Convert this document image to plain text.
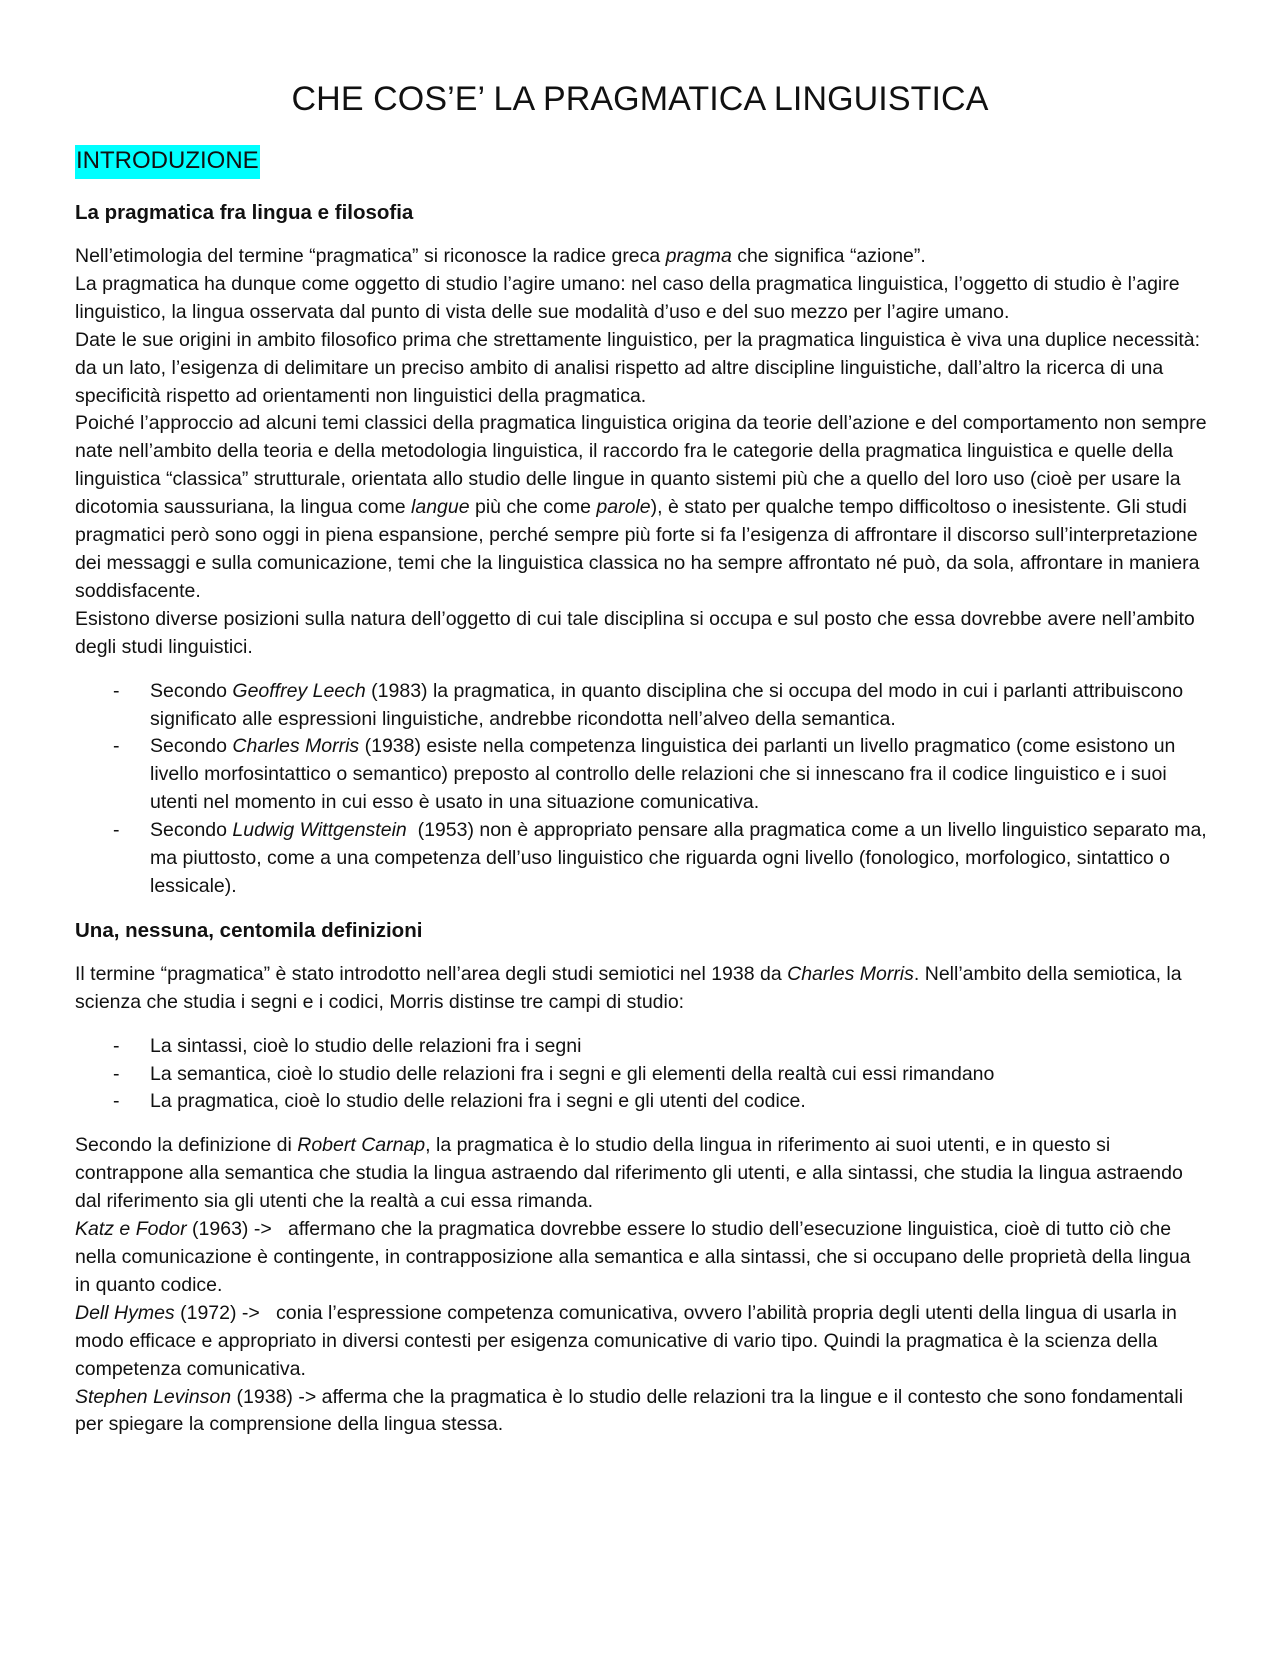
CHE COS’E’ LA PRAGMATICA LINGUISTICA
INTRODUZIONE
La pragmatica fra lingua e filosofia

Nell’etimologia del termine “pragmatica” si riconosce la radice greca pragma che significa “azione”.

La pragmatica ha dunque come oggetto di studio l’agire umano: nel caso della pragmatica linguistica, l’oggetto di studio è l’agire linguistico, la lingua osservata dal punto di vista delle sue modalità d’uso e del suo mezzo per l’agire umano.

Date le sue origini in ambito filosofico prima che strettamente linguistico, per la pragmatica linguistica è viva una duplice necessità: da un lato, l’esigenza di delimitare un preciso ambito di analisi rispetto ad altre discipline linguistiche, dall’altro la ricerca di una specificità rispetto ad orientamenti non linguistici della pragmatica.

Poiché l’approccio ad alcuni temi classici della pragmatica linguistica origina da teorie dell’azione e del comportamento non sempre nate nell’ambito della teoria e della metodologia linguistica, il raccordo fra le categorie della pragmatica linguistica e quelle della linguistica “classica” strutturale, orientata allo studio delle lingue in quanto sistemi più che a quello del loro uso (cioè per usare la dicotomia saussuriana, la lingua come langue più che come parole), è stato per qualche tempo difficoltoso o inesistente. Gli studi pragmatici però sono oggi in piena espansione, perché sempre più forte si fa l’esigenza di affrontare il discorso sull’interpretazione dei messaggi e sulla comunicazione, temi che la linguistica classica no ha sempre affrontato né può, da sola, affrontare in maniera soddisfacente.

Esistono diverse posizioni sulla natura dell’oggetto di cui tale disciplina si occupa e sul posto che essa dovrebbe avere nell’ambito degli studi linguistici.

- Secondo Geoffrey Leech (1983) la pragmatica, in quanto disciplina che si occupa del modo in cui i parlanti attribuiscono significato alle espressioni linguistiche, andrebbe ricondotta nell’alveo della semantica.
- Secondo Charles Morris (1938) esiste nella competenza linguistica dei parlanti un livello pragmatico (come esistono un livello morfosintattico o semantico) preposto al controllo delle relazioni che si innescano fra il codice linguistico e i suoi utenti nel momento in cui esso è usato in una situazione comunicativa.
- Secondo Ludwig Wittgenstein  (1953) non è appropriato pensare alla pragmatica come a un livello linguistico separato ma, ma piuttosto, come a una competenza dell’uso linguistico che riguarda ogni livello (fonologico, morfologico, sintattico o lessicale).
Una, nessuna, centomila definizioni

Il termine “pragmatica” è stato introdotto nell’area degli studi semiotici nel 1938 da Charles Morris. Nell’ambito della semiotica, la scienza che studia i segni e i codici, Morris distinse tre campi di studio:

- La sintassi, cioè lo studio delle relazioni fra i segni
- La semantica, cioè lo studio delle relazioni fra i segni e gli elementi della realtà cui essi rimandano
- La pragmatica, cioè lo studio delle relazioni fra i segni e gli utenti del codice.

Secondo la definizione di Robert Carnap, la pragmatica è lo studio della lingua in riferimento ai suoi utenti, e in questo si contrappone alla semantica che studia la lingua astraendo dal riferimento gli utenti, e alla sintassi, che studia la lingua astraendo dal riferimento sia gli utenti che la realtà a cui essa rimanda.

Katz e Fodor (1963) ->   affermano che la pragmatica dovrebbe essere lo studio dell’esecuzione linguistica, cioè di tutto ciò che nella comunicazione è contingente, in contrapposizione alla semantica e alla sintassi, che si occupano delle proprietà della lingua in quanto codice.

Dell Hymes (1972) ->   conia l’espressione competenza comunicativa, ovvero l’abilità propria degli utenti della lingua di usarla in modo efficace e appropriato in diversi contesti per esigenza comunicative di vario tipo. Quindi la pragmatica è la scienza della competenza comunicativa.

Stephen Levinson (1938) -> afferma che la pragmatica è lo studio delle relazioni tra la lingue e il contesto che sono fondamentali per spiegare la comprensione della lingua stessa.
